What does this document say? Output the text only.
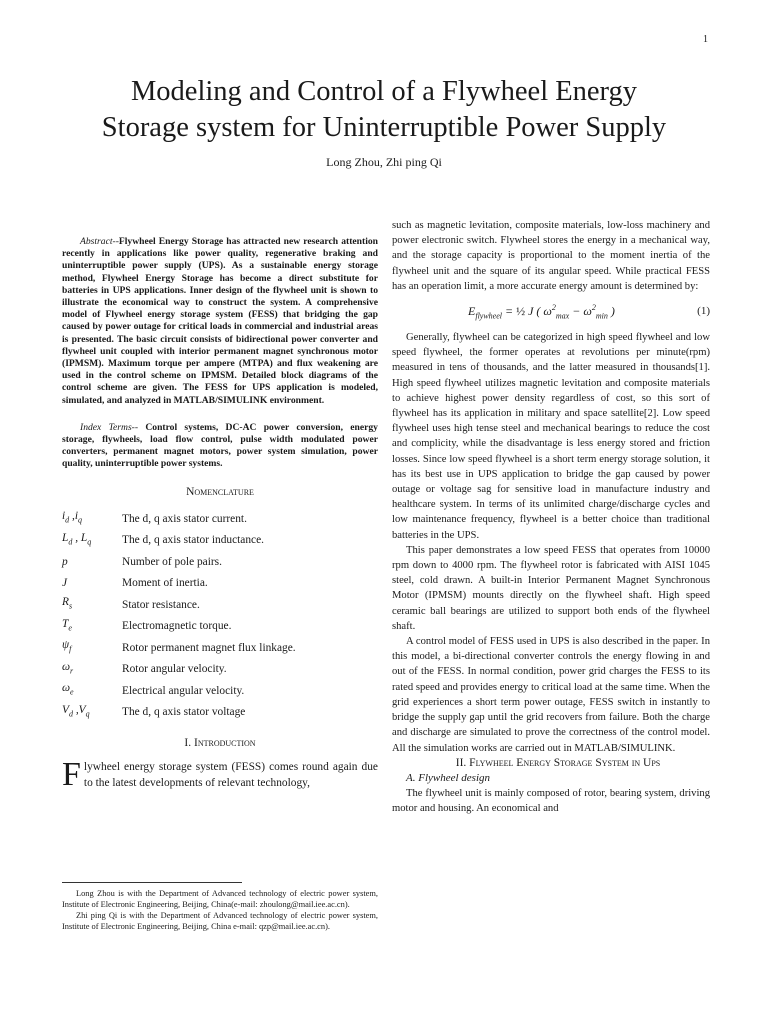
1
Modeling and Control of a Flywheel Energy
Storage system for Uninterruptible Power Supply
Long Zhou, Zhi ping Qi

Abstract--Flywheel Energy Storage has attracted new research attention recently in applications like power quality, regenerative braking and uninterruptible power supply (UPS). As a sustainable energy storage method, Flywheel Energy Storage has become a direct substitute for batteries in UPS applications. Inner design of the flywheel unit is shown to illustrate the economical way to construct the system. A comprehensive model of Flywheel energy storage system (FESS) that bridging the gap caused by power outage for critical loads in commercial and industrial areas is presented. The basic circuit consists of bidirectional power converter and flywheel unit coupled with interior permanent magnet synchronous motor (IPMSM). Maximum torque per ampere (MTPA) and flux weakening are used in the control scheme on IPMSM. Detailed block diagrams of the control scheme are given. The FESS for UPS application is modeled, simulated, and analyzed in MATLAB/SIMULINK environment.

Index Terms-- Control systems, DC-AC power conversion, energy storage, flywheels, load flow control, pulse width modulated power converters, permanent magnet motors, power system simulation, power quality, uninterruptible power systems.

Nomenclature
$i_d$ $,i_q$	The d, q axis stator current.
$L_d$ , $L_q$	The d, q axis stator inductance.
p	Number of pole pairs.
J	Moment of inertia.
$R_s$	Stator resistance.
$T_e$	Electromagnetic torque.
$\psi_f$	Rotor permanent magnet flux linkage.
$\omega_r$	Rotor angular velocity.
$\omega_e$	Electrical angular velocity.
$V_d$ $,V_q$	The d, q axis stator voltage
I. Introduction
Flywheel energy storage system (FESS) comes round again due to the latest developments of relevant technology,

Long Zhou is with the Department of Advanced technology of electric power system, Institute of Electronic Engineering, Beijing, China(e-mail: zhoulong@mail.iee.ac.cn).

Zhi ping Qi is with the Department of Advanced technology of electric power system, Institute of Electronic Engineering, Beijing, China e-mail: qzp@mail.iee.ac.cn).

such as magnetic levitation, composite materials, low-loss machinery and power electronic switch. Flywheel stores the energy in a mechanical way, and the storage capacity is proportional to the moment inertia of the flywheel unit and the square of its angular speed. While practical FESS has an operation limit, a more accurate energy amount is determined by:

$E_{flywheel}$ = ½ J ( $\omega^2_{max} - \omega^2_{min}$ )	(1)

Generally, flywheel can be categorized in high speed flywheel and low speed flywheel, the former operates at revolutions per minute(rpm) measured in tens of thousands, and the latter measured in thousands[1]. High speed flywheel utilizes magnetic levitation and composite materials to achieve highest power density regardless of cost, so this sort of flywheel has its application in military and space satellite[2]. Low speed flywheel uses high tense steel and mechanical bearings to reduce the cost and complicity, while the disadvantage is less energy stored and friction losses. Since low speed flywheel is a short term energy storage solution, it has its best use in UPS application to bridge the gap caused by power outage or voltage sag for sensitive load in manufacture industry and healthcare system. In terms of its unlimited charge/discharge cycles and low maintenance frequency, flywheel is a better choice than traditional batteries in the UPS.

This paper demonstrates a low speed FESS that operates from 10000 rpm down to 4000 rpm. The flywheel rotor is fabricated with AISI 1045 steel, cold drawn. A built-in Interior Permanent Magnet Synchronous Motor (IPMSM) mounts directly on the flywheel shaft. High speed ceramic ball bearings are utilized to support both ends of the flywheel shaft.

A control model of FESS used in UPS is also described in the paper. In this model, a bi-directional converter controls the energy flowing in and out of the FESS. In normal condition, power grid charges the FESS to its rated speed and provides energy to critical load at the same time. When the grid experiences a short term power outage, FESS switch in instantly to bridge the supply gap until the grid recovers from failure. Both the charge and discharge are simulated to prove the correctness of the control model. All the simulation works are carried out in MATLAB/SIMULINK.

II. Flywheel Energy Storage System in Ups

A. Flywheel design

The flywheel unit is mainly composed of rotor, bearing system, driving motor and housing. An economical and
